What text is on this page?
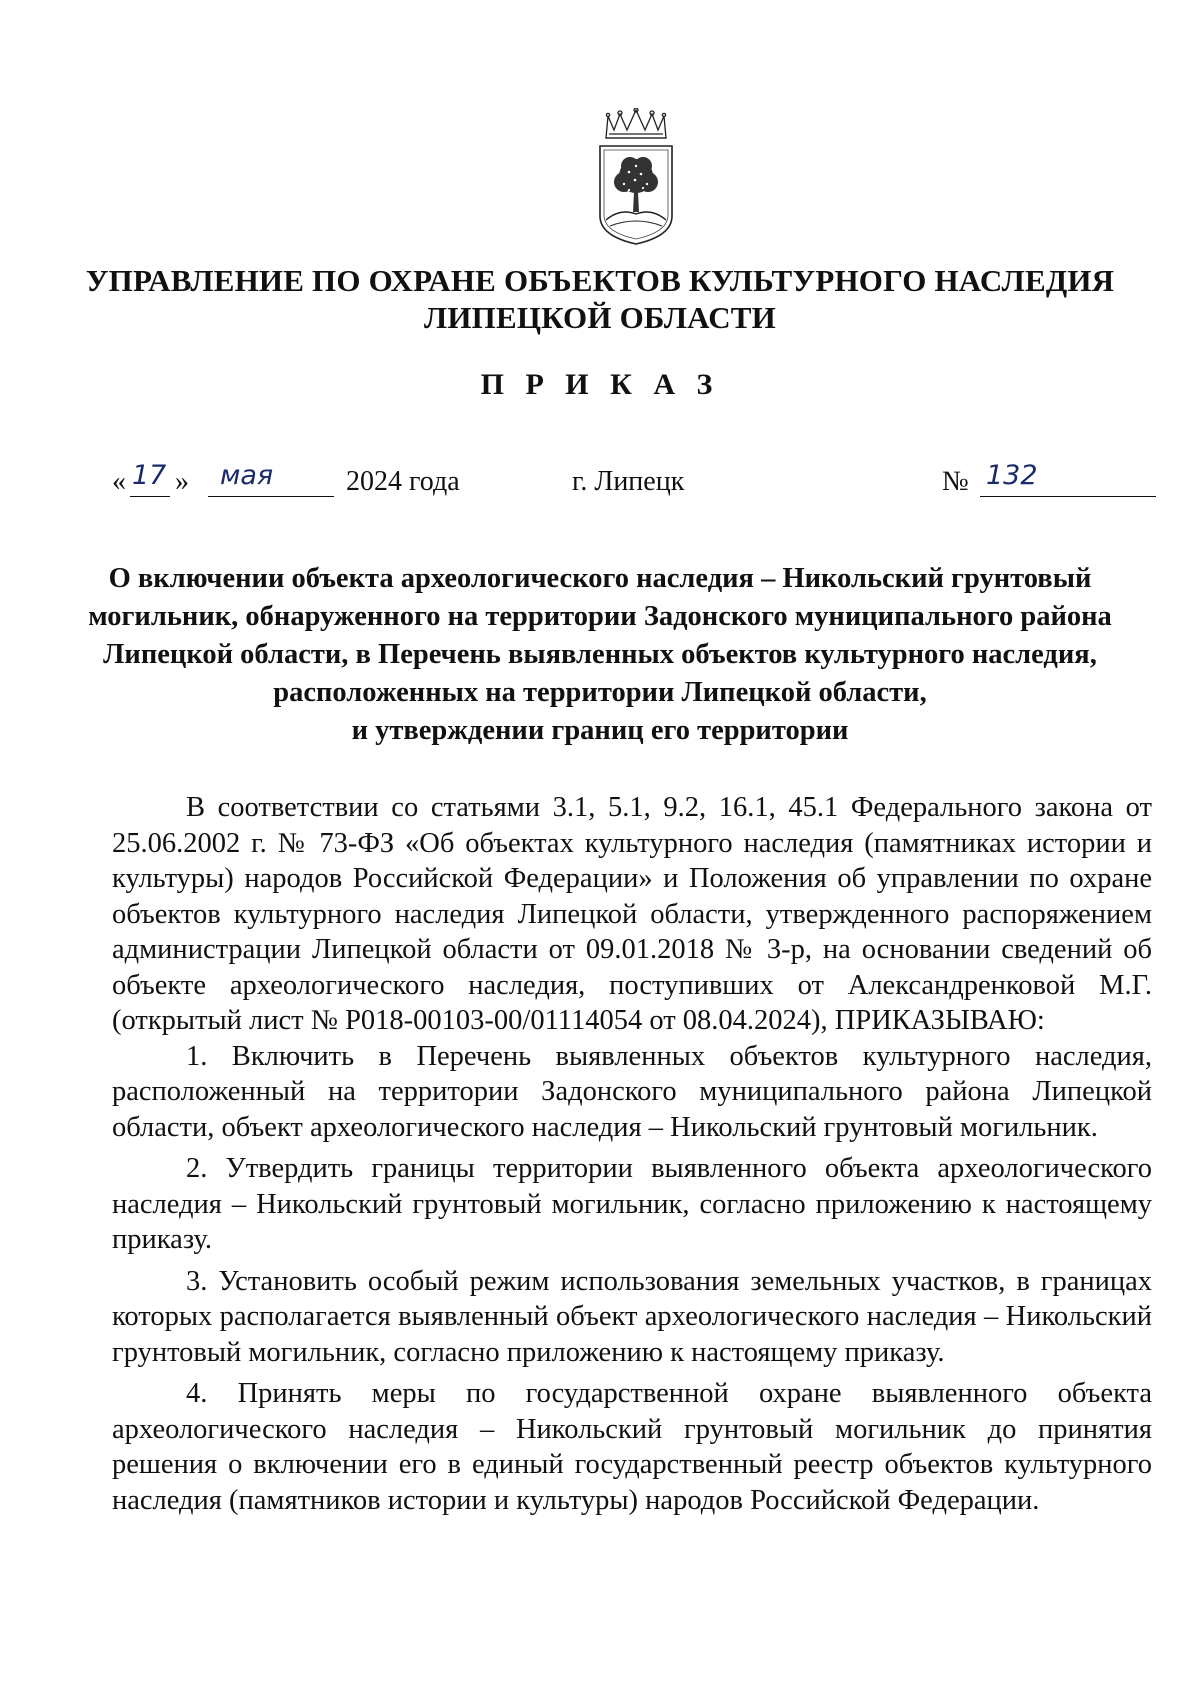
УПРАВЛЕНИЕ ПО ОХРАНЕ ОБЪЕКТОВ КУЛЬТУРНОГО НАСЛЕДИЯ
ЛИПЕЦКОЙ ОБЛАСТИ
П Р И К А З
« 17 » мая	2024 года	г. Липецк	№ 132
О включении объекта археологического наследия – Никольский грунтовый
могильник, обнаруженного на территории Задонского муниципального района
Липецкой области, в Перечень выявленных объектов культурного наследия,
расположенных на территории Липецкой области,
и утверждении границ его территории

В соответствии со статьями 3.1, 5.1, 9.2, 16.1, 45.1 Федерального закона от 25.06.2002 г. № 73-ФЗ «Об объектах культурного наследия (памятниках истории и культуры) народов Российской Федерации» и Положения об управлении по охране объектов культурного наследия Липецкой области, утвержденного распоряжением администрации Липецкой области от 09.01.2018 № 3-р, на основании сведений об объекте археологического наследия, поступивших от Александренковой М.Г. (открытый лист № Р018-00103-00/01114054 от 08.04.2024), ПРИКАЗЫВАЮ:

1. Включить в Перечень выявленных объектов культурного наследия, расположенный на территории Задонского муниципального района Липецкой области, объект археологического наследия – Никольский грунтовый могильник.

2. Утвердить границы территории выявленного объекта археологического наследия – Никольский грунтовый могильник, согласно приложению к настоящему приказу.

3. Установить особый режим использования земельных участков, в границах которых располагается выявленный объект археологического наследия – Никольский грунтовый могильник, согласно приложению к настоящему приказу.

4. Принять меры по государственной охране выявленного объекта археологического наследия – Никольский грунтовый могильник до принятия решения о включении его в единый государственный реестр объектов культурного наследия (памятников истории и культуры) народов Российской Федерации.
